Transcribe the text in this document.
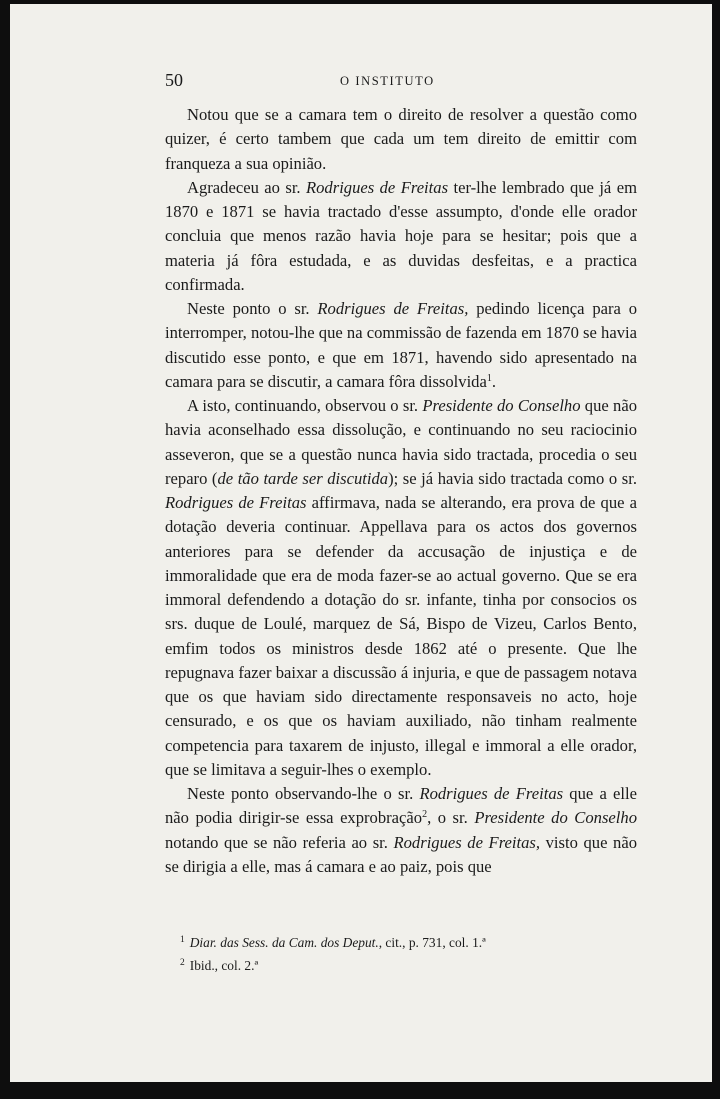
50	O INSTITUTO

Notou que se a camara tem o direito de resolver a questão como quizer, é certo tambem que cada um tem direito de emittir com franqueza a sua opinião.

Agradeceu ao sr. Rodrigues de Freitas ter-lhe lembrado que já em 1870 e 1871 se havia tractado d'esse assumpto, d'onde elle orador concluia que menos razão havia hoje para se hesitar; pois que a materia já fôra estudada, e as duvidas desfeitas, e a practica confirmada.

Neste ponto o sr. Rodrigues de Freitas, pedindo licença para o interromper, notou-lhe que na commissão de fazenda em 1870 se havia discutido esse ponto, e que em 1871, havendo sido apresentado na camara para se discutir, a camara fôra dissolvida$^1$.

A isto, continuando, observou o sr. Presidente do Conselho que não havia aconselhado essa dissolução, e continuando no seu raciocinio asseveron, que se a questão nunca havia sido tractada, procedia o seu reparo (de tão tarde ser discutida); se já havia sido tractada como o sr. Rodrigues de Freitas affirmava, nada se alterando, era prova de que a dotação deveria continuar. Appellava para os actos dos governos anteriores para se defender da accusação de injustiça e de immoralidade que era de moda fazer-se ao actual governo. Que se era immoral defendendo a dotação do sr. infante, tinha por consocios os srs. duque de Loulé, marquez de Sá, Bispo de Vizeu, Carlos Bento, emfim todos os ministros desde 1862 até o presente. Que lhe repugnava fazer baixar a discussão á injuria, e que de passagem notava que os que haviam sido directamente responsaveis no acto, hoje censurado, e os que os haviam auxiliado, não tinham realmente competencia para taxarem de injusto, illegal e immoral a elle orador, que se limitava a seguir-lhes o exemplo.

Neste ponto observando-lhe o sr. Rodrigues de Freitas que a elle não podia dirigir-se essa exprobração$^2$, o sr. Presidente do Conselho notando que se não referia ao sr. Rodrigues de Freitas, visto que não se dirigia a elle, mas á camara e ao paiz, pois que

$^1$ Diar. das Sess. da Cam. dos Deput., cit., p. 731, col. 1.ª
$^2$ Ibid., col. 2.ª
